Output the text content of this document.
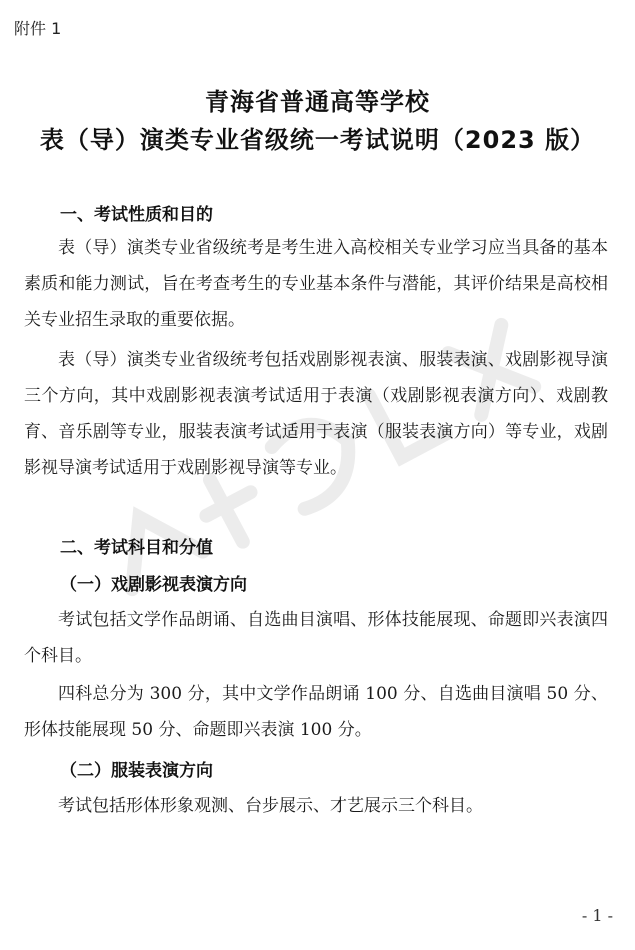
附件 1
青海省普通高等学校
表（导）演类专业省级统一考试说明（2023 版）
一、考试性质和目的

表（导）演类专业省级统考是考生进入高校相关专业学习应当具备的基本素质和能力测试，旨在考查考生的专业基本条件与潜能，其评价结果是高校相关专业招生录取的重要依据。

表（导）演类专业省级统考包括戏剧影视表演、服装表演、戏剧影视导演三个方向，其中戏剧影视表演考试适用于表演（戏剧影视表演方向）、戏剧教育、音乐剧等专业，服装表演考试适用于表演（服装表演方向）等专业，戏剧影视导演考试适用于戏剧影视导演等专业。

二、考试科目和分值
（一）戏剧影视表演方向

考试包括文学作品朗诵、自选曲目演唱、形体技能展现、命题即兴表演四个科目。

四科总分为 300 分，其中文学作品朗诵 100 分、自选曲目演唱 50 分、形体技能展现 50 分、命题即兴表演 100 分。

（二）服装表演方向

考试包括形体形象观测、台步展示、才艺展示三个科目。

- 1 -
